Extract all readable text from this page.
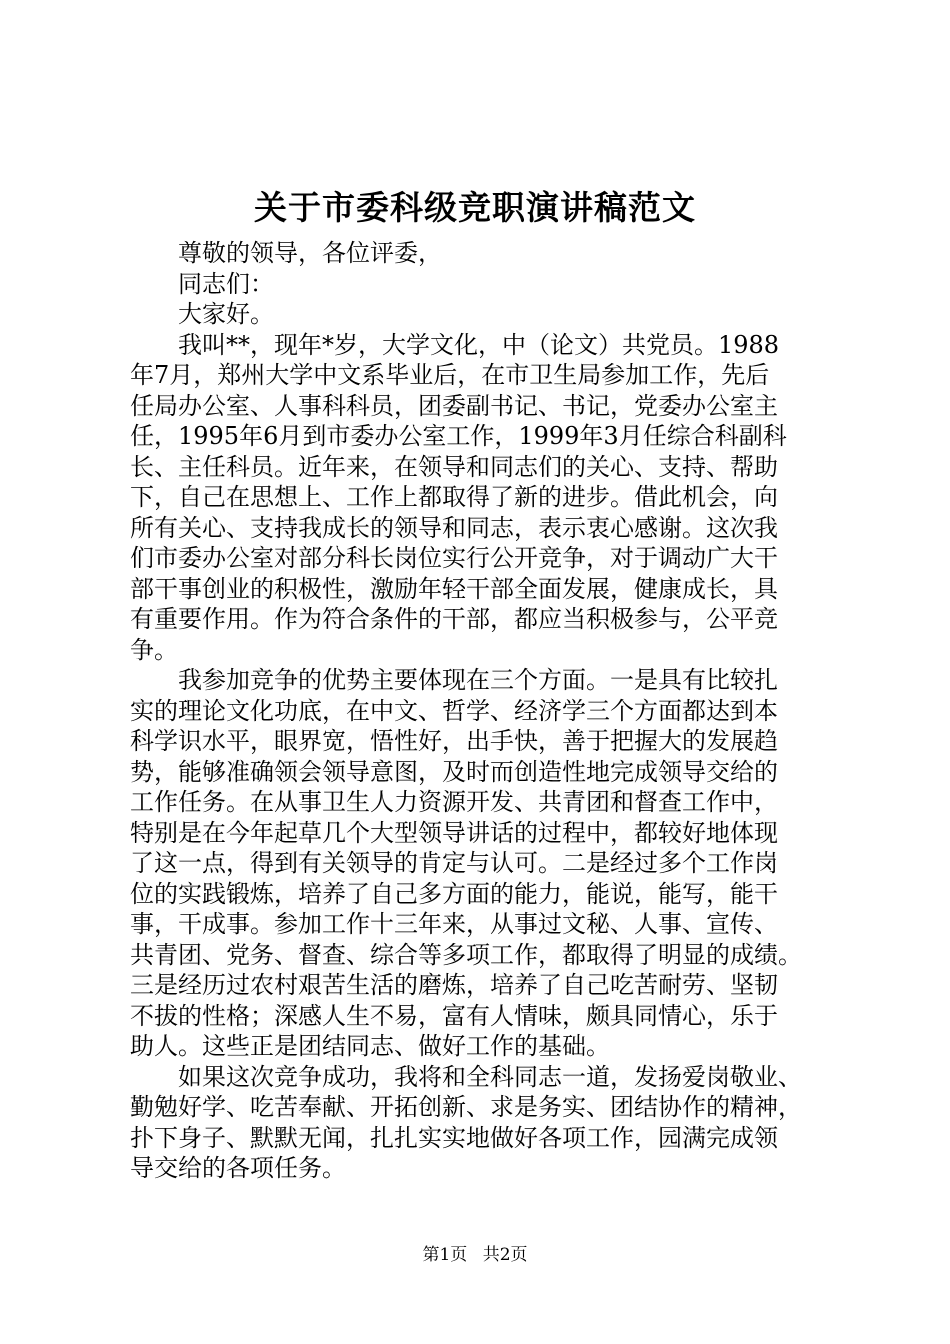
关于市委科级竞职演讲稿范文
尊敬的领导，各位评委，
同志们：
大家好。
我叫**，现年*岁，大学文化，中（论文）共党员。1988
年7月，郑州大学中文系毕业后，在市卫生局参加工作，先后
任局办公室、人事科科员，团委副书记、书记，党委办公室主
任，1995年6月到市委办公室工作，1999年3月任综合科副科
长、主任科员。近年来，在领导和同志们的关心、支持、帮助
下，自己在思想上、工作上都取得了新的进步。借此机会，向
所有关心、支持我成长的领导和同志，表示衷心感谢。这次我
们市委办公室对部分科长岗位实行公开竞争，对于调动广大干
部干事创业的积极性，激励年轻干部全面发展，健康成长，具
有重要作用。作为符合条件的干部，都应当积极参与，公平竞
争。
我参加竞争的优势主要体现在三个方面。一是具有比较扎
实的理论文化功底，在中文、哲学、经济学三个方面都达到本
科学识水平，眼界宽，悟性好，出手快，善于把握大的发展趋
势，能够准确领会领导意图，及时而创造性地完成领导交给的
工作任务。在从事卫生人力资源开发、共青团和督查工作中，
特别是在今年起草几个大型领导讲话的过程中，都较好地体现
了这一点，得到有关领导的肯定与认可。二是经过多个工作岗
位的实践锻炼，培养了自己多方面的能力，能说，能写，能干
事，干成事。参加工作十三年来，从事过文秘、人事、宣传、
共青团、党务、督查、综合等多项工作，都取得了明显的成绩。
三是经历过农村艰苦生活的磨炼，培养了自己吃苦耐劳、坚韧
不拔的性格；深感人生不易，富有人情味，颇具同情心，乐于
助人。这些正是团结同志、做好工作的基础。
如果这次竞争成功，我将和全科同志一道，发扬爱岗敬业、
勤勉好学、吃苦奉献、开拓创新、求是务实、团结协作的精神，
扑下身子、默默无闻，扎扎实实地做好各项工作，园满完成领
导交给的各项任务。
第1页 共2页
